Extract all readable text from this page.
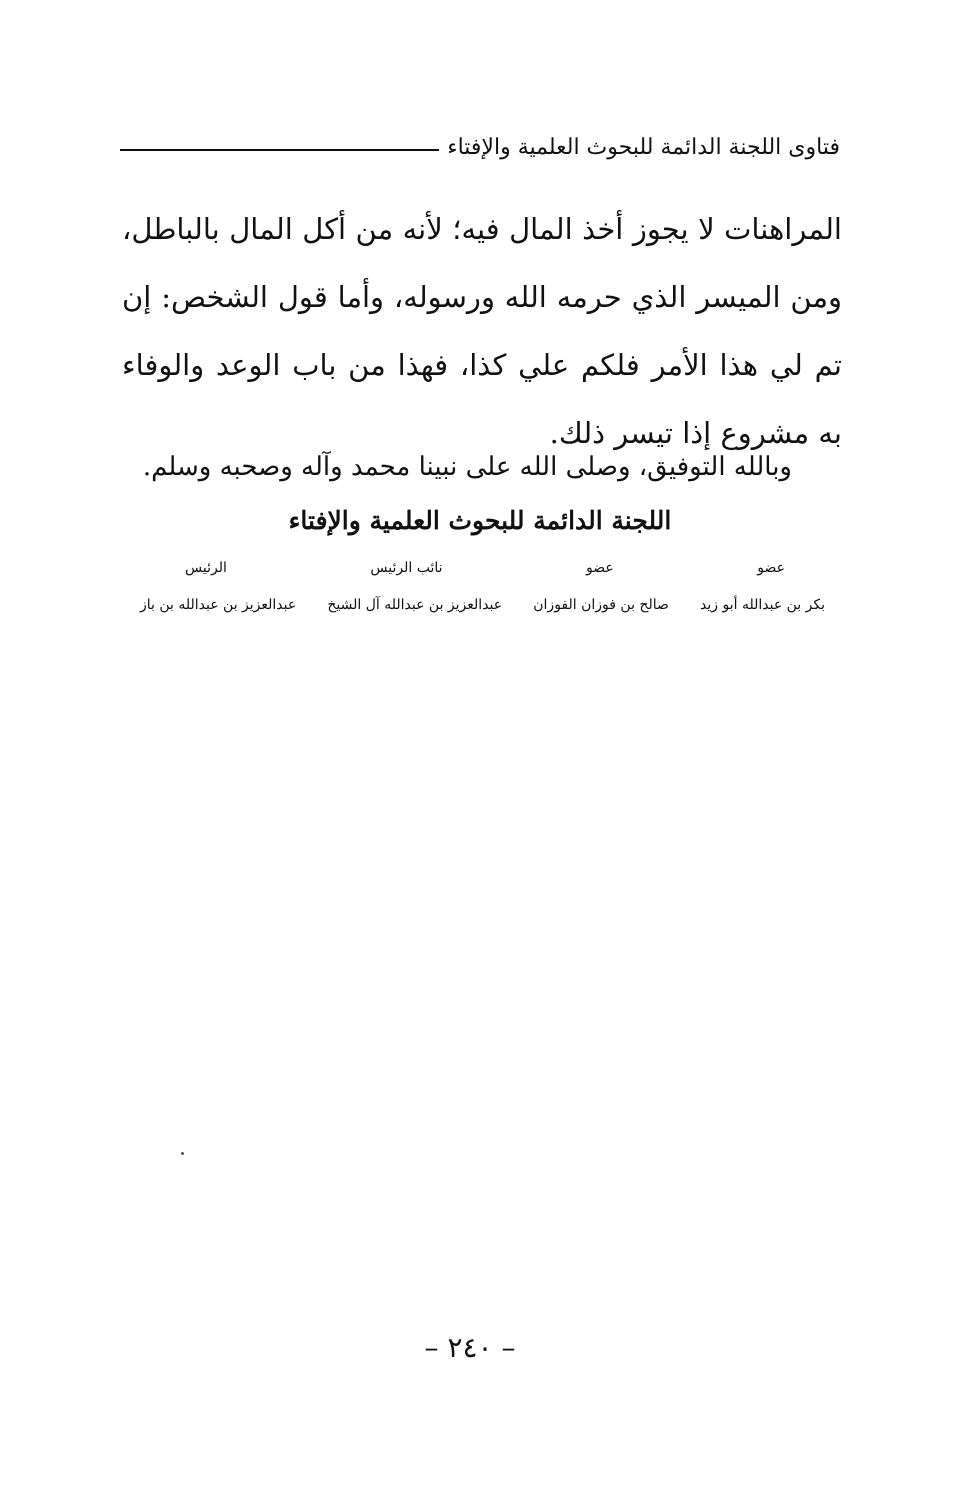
فتاوى اللجنة الدائمة للبحوث العلمية والإفتاء

المراهنات لا يجوز أخذ المال فيه؛ لأنه من أكل المال بالباطل، ومن الميسر الذي حرمه الله ورسوله، وأما قول الشخص: إن تم لي هذا الأمر فلكم علي كذا، فهذا من باب الوعد والوفاء به مشروع إذا تيسر ذلك.

وبالله التوفيق، وصلى الله على نبينا محمد وآله وصحبه وسلم.

اللجنة الدائمة للبحوث العلمية والإفتاء
عضو
عضو
نائب الرئيس
الرئيس
بكر بن عبدالله أبو زيد
صالح بن فوزان الفوزان
عبدالعزيز بن عبدالله آل الشيخ
عبدالعزيز بن عبدالله بن باز
– ٢٤٠ –
